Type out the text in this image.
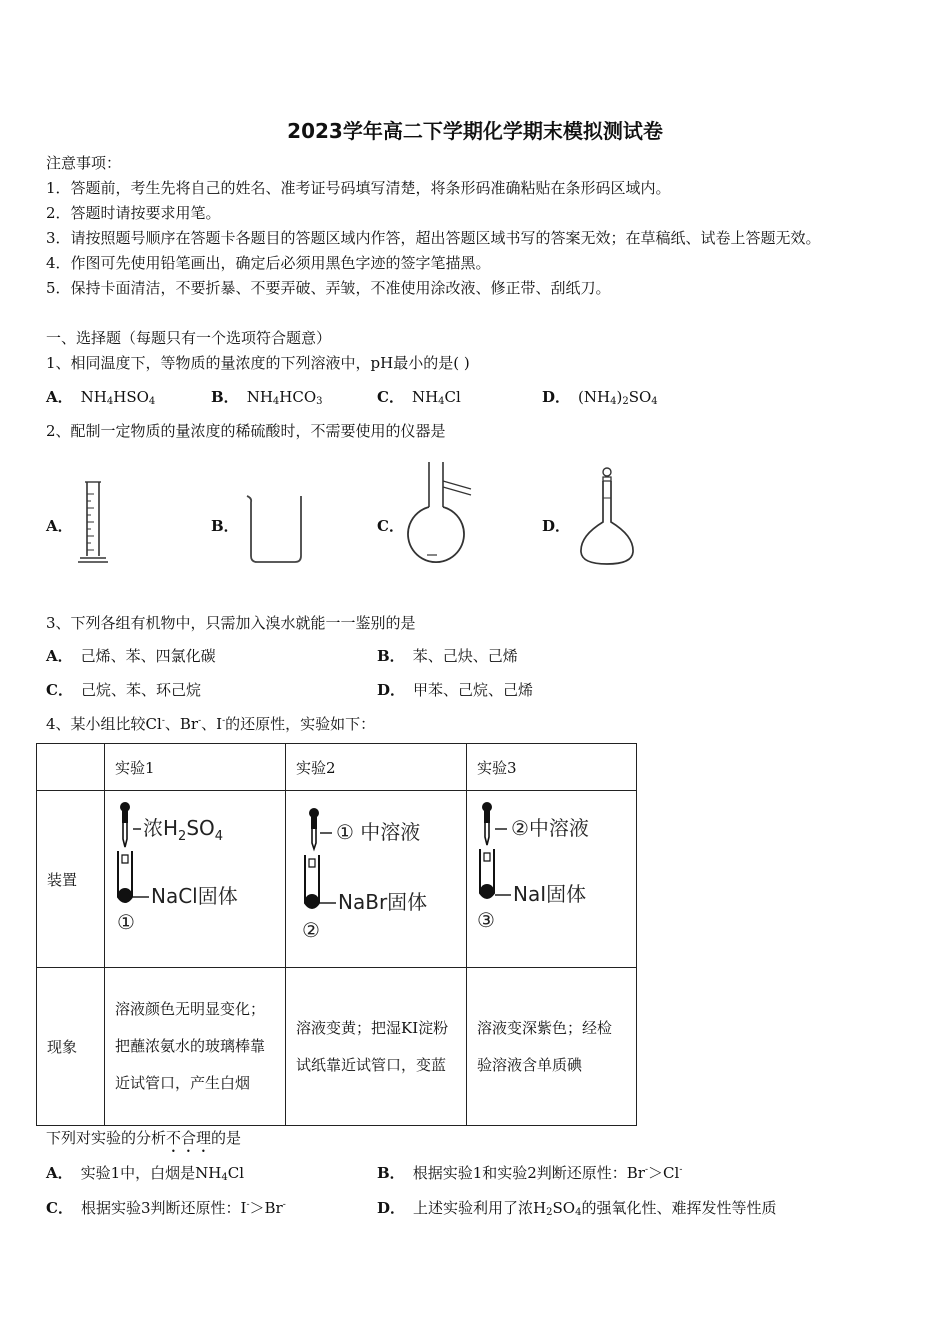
2023学年高二下学期化学期末模拟测试卷
注意事项：
1．答题前，考生先将自己的姓名、准考证号码填写清楚，将条形码准确粘贴在条形码区域内。
2．答题时请按要求用笔。
3．请按照题号顺序在答题卡各题目的答题区域内作答，超出答题区域书写的答案无效；在草稿纸、试卷上答题无效。
4．作图可先使用铅笔画出，确定后必须用黑色字迹的签字笔描黑。
5．保持卡面清洁，不要折暴、不要弄破、弄皱，不准使用涂改液、修正带、刮纸刀。
一、选择题（每题只有一个选项符合题意）
1、相同温度下，等物质的量浓度的下列溶液中，pH最小的是( )
A． $NH_4HSO_4$	B． $NH_4HCO_3$	C． $NH_4Cl$	D． $(NH_4)_2SO_4$
2、配制一定物质的量浓度的稀硫酸时，不需要使用的仪器是
A．	B．	C．	D．
3、下列各组有机物中，只需加入溴水就能一一鉴别的是
A． 己烯、苯、四氯化碳	B． 苯、己炔、己烯
C． 己烷、苯、环己烷	D． 甲苯、己烷、己烯
4、某小组比较Cl-、Br-、I-的还原性，实验如下：
	实验1	实验2	实验3
装置	浓$H_2SO_4$
NaCl固体
①	① 中溶液
NaBr固体
②	②中溶液
NaI固体
③

现象	溶液颜色无明显变化；把蘸浓氨水的玻璃棒靠近试管口，产生白烟	溶液变黄；把湿KI淀粉试纸靠近试管口，变蓝	溶液变深紫色；经检验溶液含单质碘
下列对实验的分析不合理的是
A． 实验1中，白烟是$NH_4Cl$	B． 根据实验1和实验2判断还原性：Br-＞Cl-
C． 根据实验3判断还原性：I-＞Br-	D． 上述实验利用了浓$H_2SO_4$的强氧化性、难挥发性等性质
